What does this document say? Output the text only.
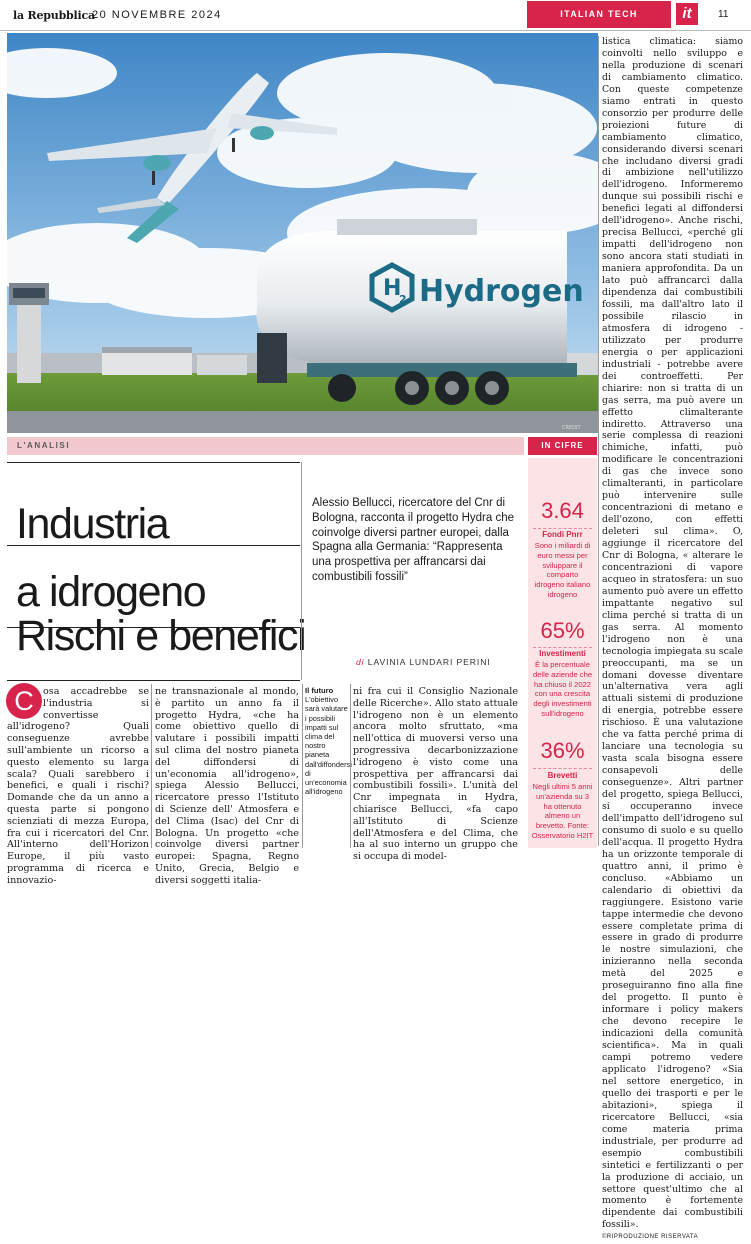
la Repubblica
20 NOVEMBRE 2024	ITALIAN TECH	it	11
H
2 Hydrogen
CREDIT
listica climatica: siamo coinvolti nello sviluppo e nella produzione di scenari di cambiamento climatico. Con queste competenze siamo entrati in questo consorzio per produrre delle proiezioni future di cambiamento climatico, considerando diversi scenari che includano diversi gradi di ambizione nell'utilizzo dell'idrogeno. Informeremo dunque sui possibili rischi e benefici legati al diffondersi dell'idrogeno». Anche rischi, precisa Bellucci, «perché gli impatti dell'idrogeno non sono ancora stati studiati in maniera approfondita. Da un lato può affrancarci dalla dipendenza dai combustibili fossili, ma dall'altro lato il possibile rilascio in atmosfera di idrogeno - utilizzato per produrre energia o per applicazioni industriali - potrebbe avere dei controeffetti. Per chiarire: non si tratta di un gas serra, ma può avere un effetto climalterante indiretto. Attraverso una serie complessa di reazioni chimiche, infatti, può modificare le concentrazioni di gas che invece sono climalteranti, in particolare può intervenire sulle concentrazioni di metano e dell'ozono, con effetti deleteri sul clima». O, aggiunge il ricercatore del Cnr di Bologna, « alterare le concentrazioni di vapore acqueo in stratosfera: un suo aumento può avere un effetto impattante negativo sul clima perché si tratta di un gas serra. Al momento l'idrogeno non è una tecnologia impiegata su scale preoccupanti, ma se un domani dovesse diventare un'alternativa vera agli attuali sistemi di produzione di energia, potrebbe essere rischioso. È una valutazione che va fatta perché prima di lanciare una tecnologia su vasta scala bisogna essere consapevoli delle conseguenze». Altri partner del progetto, spiega Bellucci, si occuperanno invece dell'impatto dell'idrogeno sul consumo di suolo e su quello dell'acqua. Il progetto Hydra ha un orizzonte temporale di quattro anni, il primo è concluso. «Abbiamo un calendario di obiettivi da raggiungere. Esistono varie tappe intermedie che devono essere completate prima di essere in grado di produrre le nostre simulazioni, che inizieranno nella seconda metà del 2025 e proseguiranno fino alla fine del progetto. Il punto è informare i policy makers che devono recepire le indicazioni della comunità scientifica». Ma in quali campi potremo vedere applicato l'idrogeno? «Sia nel settore energetico, in quello dei trasporti e per le abitazioni», spiega il ricercatore Bellucci, «sia come materia prima industriale, per produrre ad esempio combustibili sintetici e fertilizzanti o per la produzione di acciaio, un settore quest'ultimo che al momento è fortemente dipendente dai combustibili fossili».
©RIPRODUZIONE RISERVATA
L'ANALISI	IN CIFRE
Industria
a idrogeno
Rischi e benefici
Alessio Bellucci, ricercatore del Cnr di Bologna, racconta il progetto Hydra che coinvolge diversi partner europei, dalla Spagna alla Germania: “Rappresenta una prospettiva per affrancarsi dai combustibili fossili”
di LAVINIA LUNDARI PERINI
3.64
Fondi Pnrr
Sono i miliardi di euro messi per sviluppare il comparto idrogeno italiano idrogeno
65%
Investimenti
È la percentuale delle aziende che ha chiuso il 2022 con una crescita degli investimenti sull'idrogeno
36%
Brevetti
Negli ultimi 5 anni un'azienda su 3 ha ottenuto almeno un brevetto. Fonte: Osservatorio H2IT
C osa accadrebbe se l'industria si convertisse all'idrogeno? Quali conseguenze avrebbe sull'ambiente un ricorso a questo elemento su larga scala? Quali sarebbero i benefici, e quali i rischi? Domande che da un anno a questa parte si pongono scienziati di mezza Europa, fra cui i ricercatori del Cnr. All'interno dell'Horizon Europe, il più vasto programma di ricerca e innovazio-
ne transnazionale al mondo, è partito un anno fa il progetto Hydra, «che ha come obiettivo quello di valutare i possibili impatti sul clima del nostro pianeta del diffondersi di un'economia all'idrogeno», spiega Alessio Bellucci, ricercatore presso l'Istituto di Scienze dell' Atmosfera e del Clima (Isac) del Cnr di Bologna. Un progetto «che coinvolge diversi partner europei: Spagna, Regno Unito, Grecia, Belgio e diversi soggetti italia-
Il futuro
L'obiettivo sarà valutare i possibili impatti sul clima del nostro pianeta dall'diffondersi di un'economia all'idrogeno
ni fra cui il Consiglio Nazionale delle Ricerche». Allo stato attuale l'idrogeno non è un elemento ancora molto sfruttato, «ma nell'ottica di muoversi verso una progressiva decarbonizzazione l'idrogeno è visto come una prospettiva per affrancarsi dai combustibili fossili». L'unità del Cnr impegnata in Hydra, chiarisce Bellucci, «fa capo all'Istituto di Scienze dell'Atmosfera e del Clima, che ha al suo interno un gruppo che si occupa di model-
